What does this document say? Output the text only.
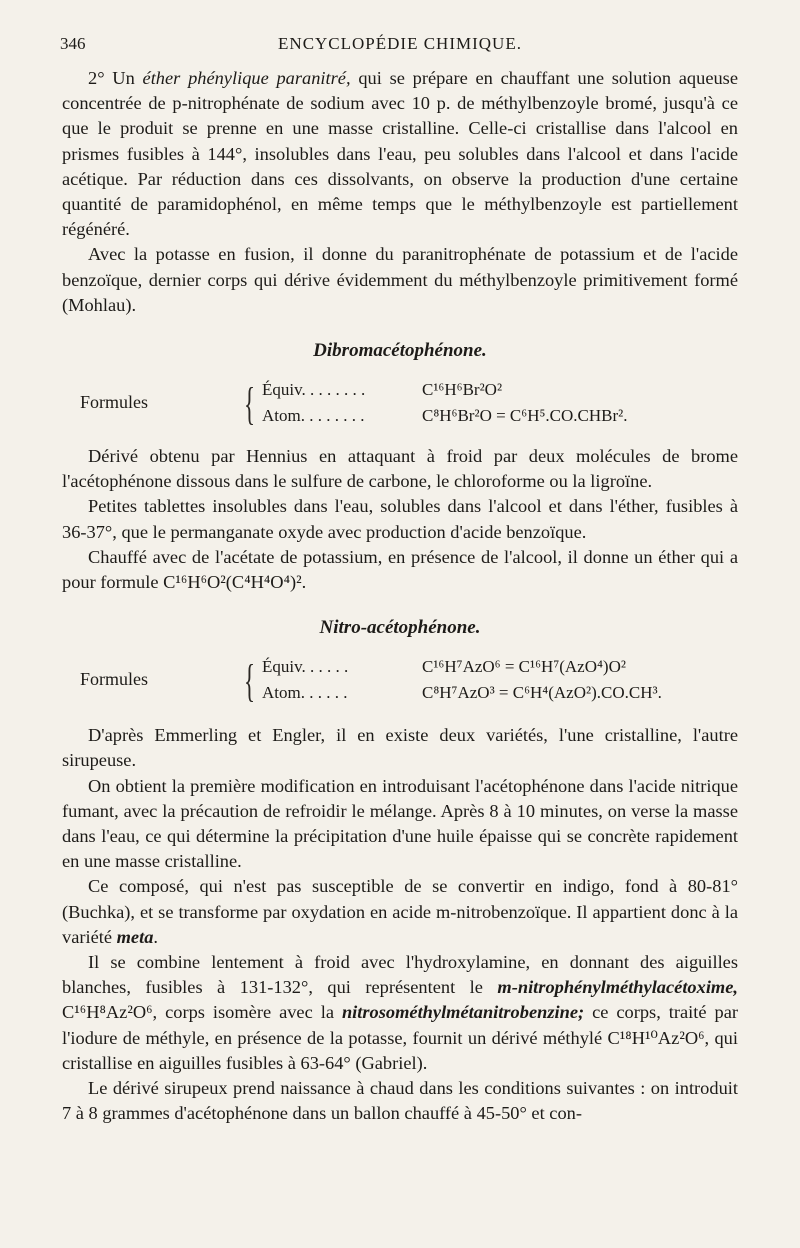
346	ENCYCLOPÉDIE CHIMIQUE.

2° Un éther phénylique paranitré, qui se prépare en chauffant une solution aqueuse concentrée de p-nitrophénate de sodium avec 10 p. de méthylbenzoyle bromé, jusqu'à ce que le produit se prenne en une masse cristalline. Celle-ci cristallise dans l'alcool en prismes fusibles à 144°, insolubles dans l'eau, peu solubles dans l'alcool et dans l'acide acétique. Par réduction dans ces dissolvants, on observe la production d'une certaine quantité de paramidophénol, en même temps que le méthylbenzoyle est partiellement régénéré.

Avec la potasse en fusion, il donne du paranitrophénate de potassium et de l'acide benzoïque, dernier corps qui dérive évidemment du méthylbenzoyle primitivement formé (Mohlau).

Dibromacétophénone.
Formules { Équiv. . . . . . . .	C¹⁶H⁶Br²O²
Atom. . . . . . . .	C⁸H⁶Br²O = C⁶H⁵.CO.CHBr².

Dérivé obtenu par Hennius en attaquant à froid par deux molécules de brome l'acétophénone dissous dans le sulfure de carbone, le chloroforme ou la ligroïne.

Petites tablettes insolubles dans l'eau, solubles dans l'alcool et dans l'éther, fusibles à 36-37°, que le permanganate oxyde avec production d'acide benzoïque.

Chauffé avec de l'acétate de potassium, en présence de l'alcool, il donne un éther qui a pour formule C¹⁶H⁶O²(C⁴H⁴O⁴)².

Nitro-acétophénone.
Formules { Équiv. . . . . .	C¹⁶H⁷AzO⁶ = C¹⁶H⁷(AzO⁴)O²
Atom. . . . . .	C⁸H⁷AzO³ = C⁶H⁴(AzO²).CO.CH³.

D'après Emmerling et Engler, il en existe deux variétés, l'une cristalline, l'autre sirupeuse.

On obtient la première modification en introduisant l'acétophénone dans l'acide nitrique fumant, avec la précaution de refroidir le mélange. Après 8 à 10 minutes, on verse la masse dans l'eau, ce qui détermine la précipitation d'une huile épaisse qui se concrète rapidement en une masse cristalline.

Ce composé, qui n'est pas susceptible de se convertir en indigo, fond à 80-81° (Buchka), et se transforme par oxydation en acide m-nitrobenzoïque. Il appartient donc à la variété meta.

Il se combine lentement à froid avec l'hydroxylamine, en donnant des aiguilles blanches, fusibles à 131-132°, qui représentent le m-nitrophénylméthylacétoxime, C¹⁶H⁸Az²O⁶, corps isomère avec la nitrosométhylmétanitrobenzine; ce corps, traité par l'iodure de méthyle, en présence de la potasse, fournit un dérivé méthylé C¹⁸H¹⁰Az²O⁶, qui cristallise en aiguilles fusibles à 63-64° (Gabriel).

Le dérivé sirupeux prend naissance à chaud dans les conditions suivantes : on introduit 7 à 8 grammes d'acétophénone dans un ballon chauffé à 45-50° et con-
